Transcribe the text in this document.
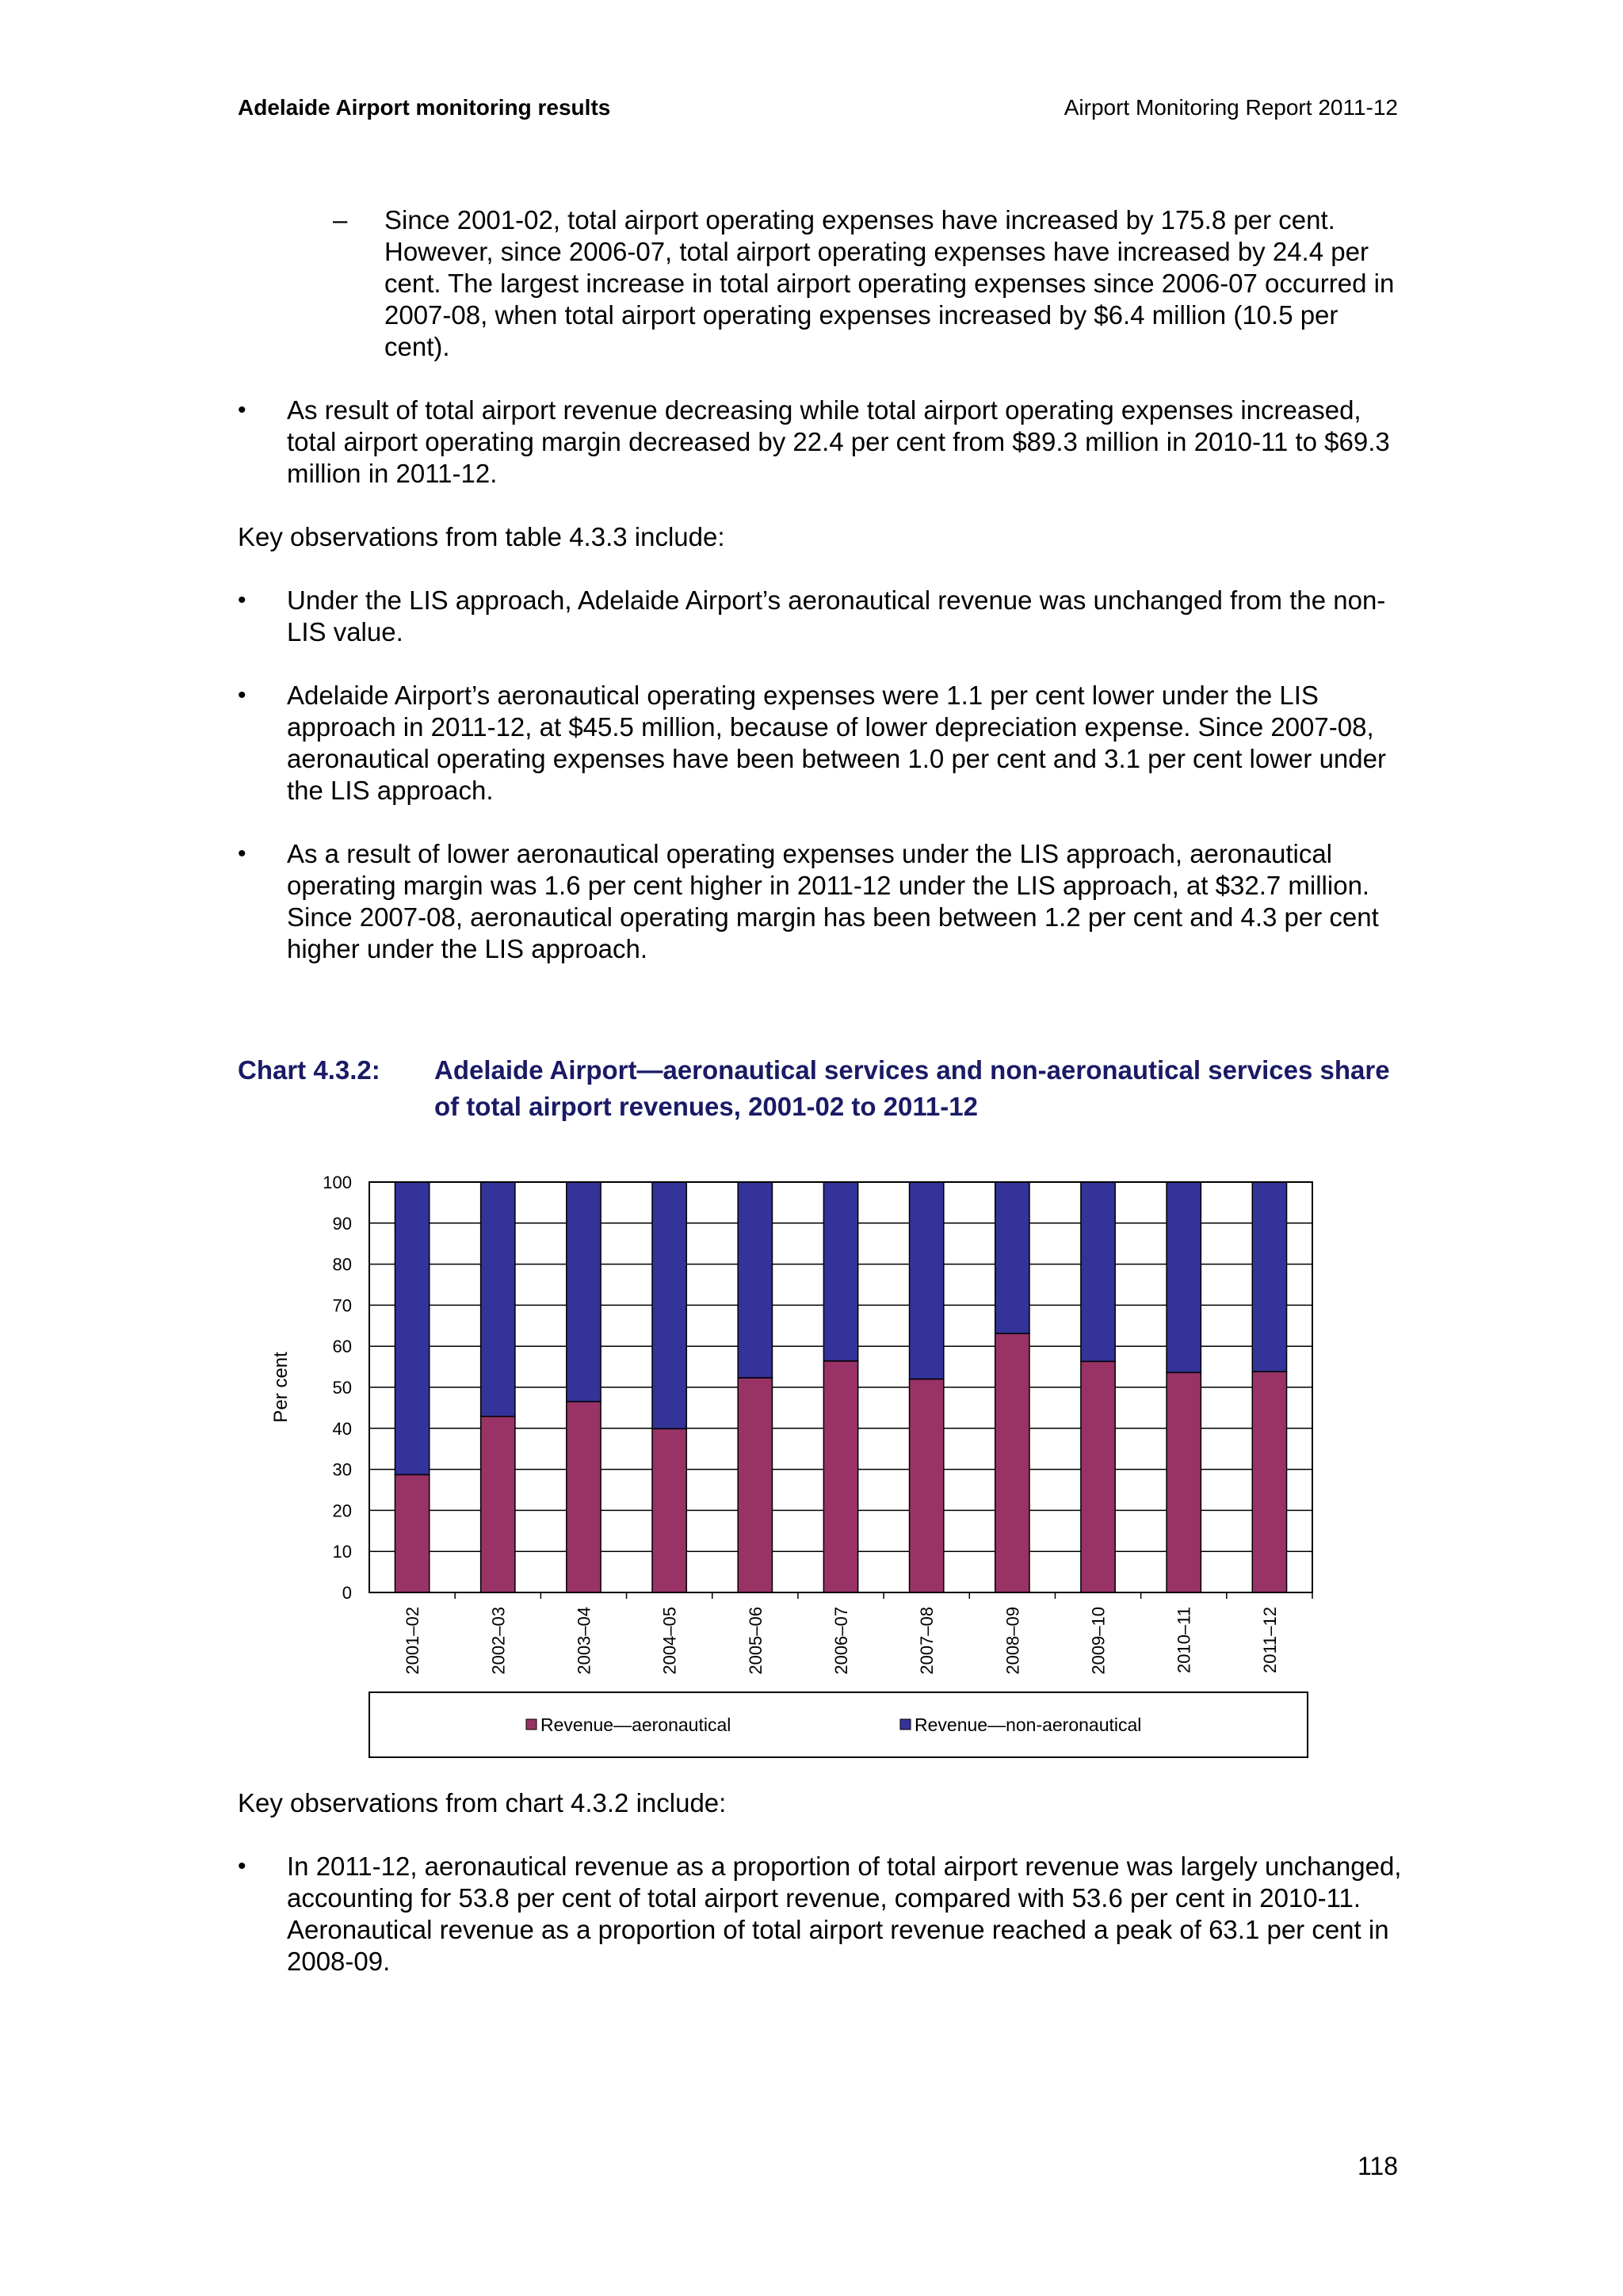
Adelaide Airport monitoring results	Airport Monitoring Report 2011-12
– Since 2001-02, total airport operating expenses have increased by 175.8 per cent. However, since 2006-07, total airport operating expenses have increased by 24.4 per cent. The largest increase in total airport operating expenses since 2006-07 occurred in 2007-08, when total airport operating expenses increased by $6.4 million (10.5 per cent).
• As result of total airport revenue decreasing while total airport operating expenses increased, total airport operating margin decreased by 22.4 per cent from $89.3 million in 2010-11 to $69.3 million in 2011-12.

Key observations from table 4.3.3 include:

• Under the LIS approach, Adelaide Airport’s aeronautical revenue was unchanged from the non-LIS value.
• Adelaide Airport’s aeronautical operating expenses were 1.1 per cent lower under the LIS approach in 2011-12, at $45.5 million, because of lower depreciation expense. Since 2007-08, aeronautical operating expenses have been between 1.0 per cent and 3.1 per cent lower under the LIS approach.
• As a result of lower aeronautical operating expenses under the LIS approach, aeronautical operating margin was 1.6 per cent higher in 2011-12 under the LIS approach, at $32.7 million. Since 2007-08, aeronautical operating margin has been between 1.2 per cent and 4.3 per cent higher under the LIS approach.
Chart 4.3.2: Adelaide Airport—aeronautical services and non-aeronautical services share of total airport revenues, 2001-02 to 2011-12
0
10
20
30
40
50
60
70
80
90
100
Per cent
2001–02	2002–03	2003–04	2004–05	2005–06	2006–07	2007–08	2008–09	2009–10	2010–11	2011–12
Revenue—aeronautical	Revenue—non-aeronautical

Key observations from chart 4.3.2 include:

• In 2011-12, aeronautical revenue as a proportion of total airport revenue was largely unchanged, accounting for 53.8 per cent of total airport revenue, compared with 53.6 per cent in 2010-11. Aeronautical revenue as a proportion of total airport revenue reached a peak of 63.1 per cent in 2008-09.
118
